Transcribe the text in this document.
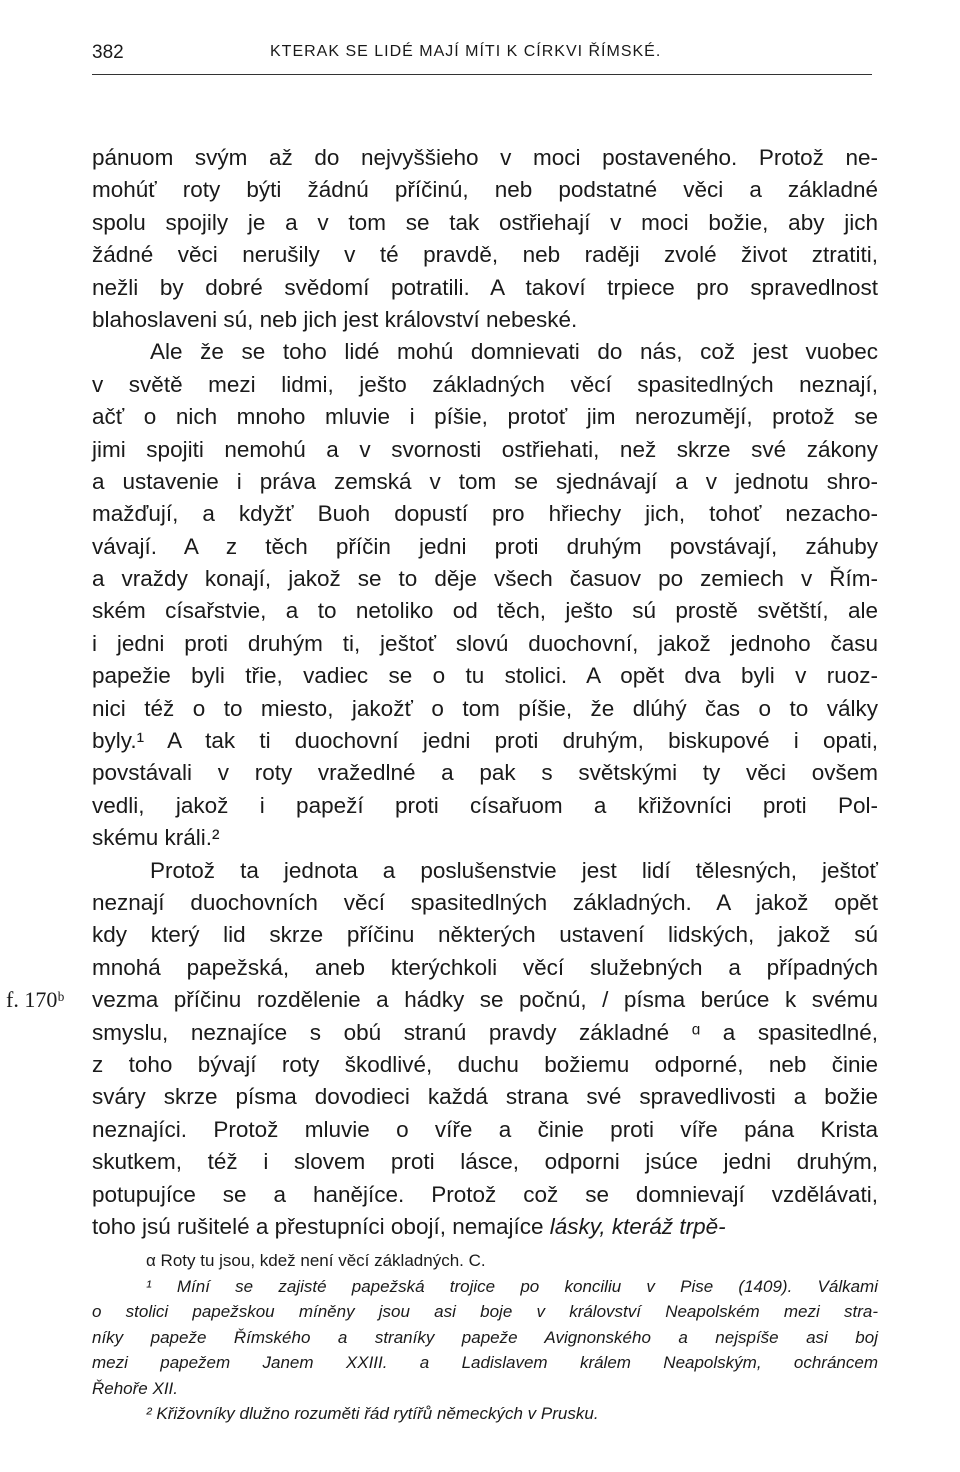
382	KTERAK SE LIDÉ MAJÍ MÍTI K CÍRKVI ŘÍMSKÉ.
pánuom svým až do nejvyššieho v moci postaveného. Protož ne-
mohúť roty býti žádnú příčinú, neb podstatné věci a základné
spolu spojily je a v tom se tak ostřiehají v moci božie, aby jich
žádné věci nerušily v té pravdě, neb raději zvolé život ztratiti,
nežli by dobré svědomí potratili. A takoví trpiece pro spravedlnost
blahoslaveni sú, neb jich jest království nebeské.
Ale že se toho lidé mohú domnievati do nás, což jest vuobec
v světě mezi lidmi, ješto základných věcí spasitedlných neznají,
ačť o nich mnoho mluvie i píšie, protoť jim nerozumějí, protož se
jimi spojiti nemohú a v svornosti ostřiehati, než skrze své zákony
a ustavenie i práva zemská v tom se sjednávají a v jednotu shro-
mažďují, a kdyžť Buoh dopustí pro hřiechy jich, tohoť nezacho-
vávají. A z těch příčin jedni proti druhým povstávají, záhuby
a vraždy konají, jakož se to děje všech časuov po zemiech v Řím-
ském císařstvie, a to netoliko od těch, ješto sú prostě světští, ale
i jedni proti druhým ti, ještoť slovú duochovní, jakož jednoho času
papežie byli třie, vadiec se o tu stolici. A opět dva byli v ruoz-
nici též o to miesto, jakožť o tom píšie, že dlúhý čas o to války
byly.¹ A tak ti duochovní jedni proti druhým, biskupové i opati,
povstávali v roty vražedlné a pak s světskými ty věci ovšem
vedli, jakož i papeží proti císařuom a křižovníci proti Pol-
skému králi.²
Protož ta jednota a poslušenstvie jest lidí tělesných, ještoť
neznají duochovních věcí spasitedlných základných. A jakož opět
kdy který lid skrze příčinu některých ustavení lidských, jakož sú
mnohá papežská, aneb kterýchkoli věcí služebných a případných
f. 170ᵇ vezma příčinu rozdělenie a hádky se počnú, / písma berúce k svému
smyslu, neznajíce s obú stranú pravdy základné ᵅ a spasitedlné,
z toho bývají roty škodlivé, duchu božiemu odporné, neb činie
sváry skrze písma dovodieci každá strana své spravedlivosti a božie
neznajíci. Protož mluvie o víře a činie proti víře pána Krista
skutkem, též i slovem proti lásce, odporni jsúce jedni druhým,
potupujíce se a hanějíce. Protož což se domnievají vzdělávati,
toho jsú rušitelé a přestupníci obojí, nemajíce lásky, kteráž trpě-
α Roty tu jsou, kdež není věcí základných. C.
¹ Míní se zajisté papežská trojice po konciliu v Pise (1409). Válkami
o stolici papežskou míněny jsou asi boje v království Neapolském mezi stra-
níky papeže Římského a straníky papeže Avignonského a nejspíše asi boj
mezi papežem Janem XXIII. a Ladislavem králem Neapolským, ochráncem
Řehoře XII.
² Křižovníky dlužno rozuměti řád rytířů německých v Prusku.
